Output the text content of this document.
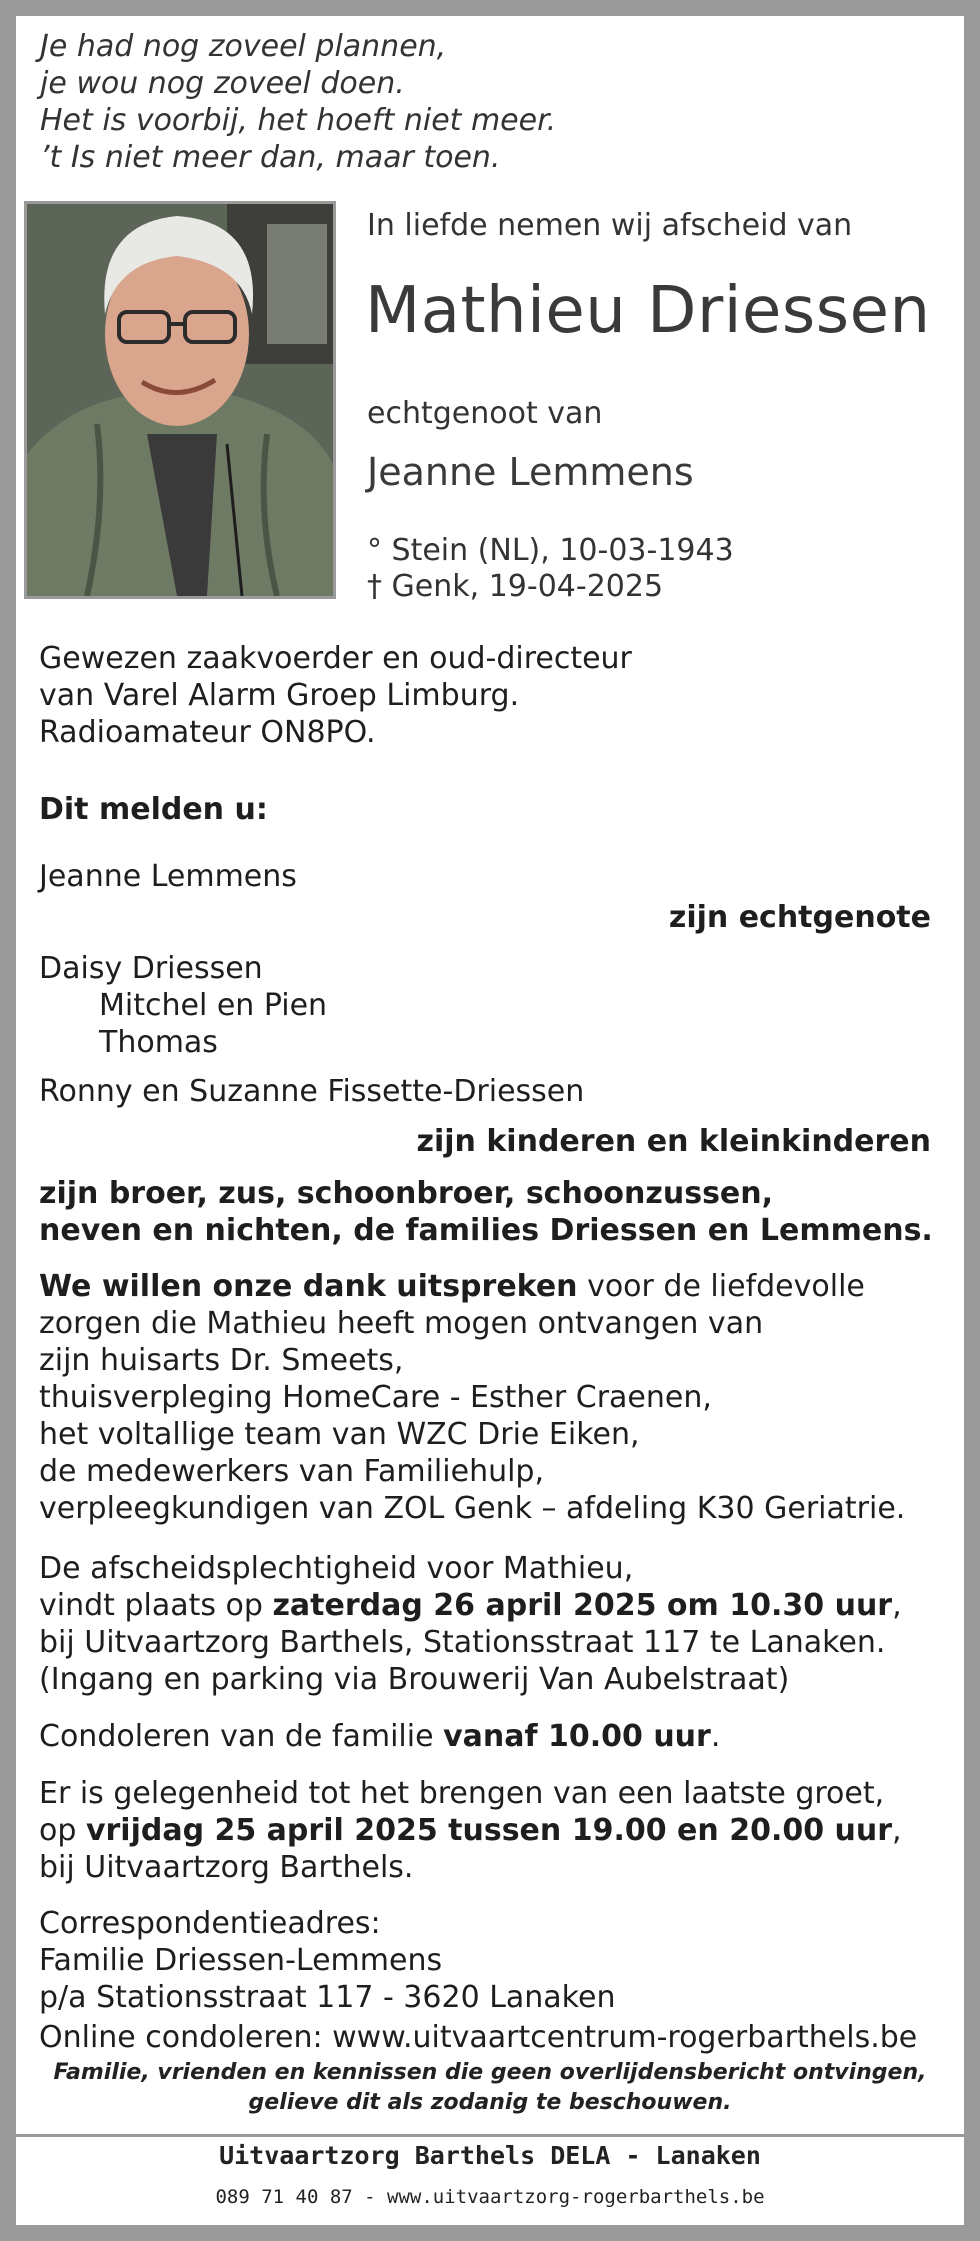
Je had nog zoveel plannen,
je wou nog zoveel doen.
Het is voorbij, het hoeft niet meer.
’t Is niet meer dan, maar toen.
In liefde nemen wij afscheid van
Mathieu Driessen
echtgenoot van
Jeanne Lemmens
° Stein (NL), 10-03-1943
† Genk, 19-04-2025
Gewezen zaakvoerder en oud-directeur
van Varel Alarm Groep Limburg.
Radioamateur ON8PO.
Dit melden u:
Jeanne Lemmens
zijn echtgenote
Daisy Driessen
Mitchel en Pien
Thomas
Ronny en Suzanne Fissette-Driessen
zijn kinderen en kleinkinderen
zijn broer, zus, schoonbroer, schoonzussen,
neven en nichten, de families Driessen en Lemmens.
We willen onze dank uitspreken voor de liefdevolle
zorgen die Mathieu heeft mogen ontvangen van
zijn huisarts Dr. Smeets,
thuisverpleging HomeCare - Esther Craenen,
het voltallige team van WZC Drie Eiken,
de medewerkers van Familiehulp,
verpleegkundigen van ZOL Genk – afdeling K30 Geriatrie.
De afscheidsplechtigheid voor Mathieu,
vindt plaats op zaterdag 26 april 2025 om 10.30 uur,
bij Uitvaartzorg Barthels, Stationsstraat 117 te Lanaken.
(Ingang en parking via Brouwerij Van Aubelstraat)
Condoleren van de familie vanaf 10.00 uur.
Er is gelegenheid tot het brengen van een laatste groet,
op vrijdag 25 april 2025 tussen 19.00 en 20.00 uur,
bij Uitvaartzorg Barthels.
Correspondentieadres:
Familie Driessen-Lemmens
p/a Stationsstraat 117 - 3620 Lanaken
Online condoleren: www.uitvaartcentrum-rogerbarthels.be
Familie, vrienden en kennissen die geen overlijdensbericht ontvingen,
gelieve dit als zodanig te beschouwen.
Uitvaartzorg Barthels DELA - Lanaken
089 71 40 87 - www.uitvaartzorg-rogerbarthels.be
